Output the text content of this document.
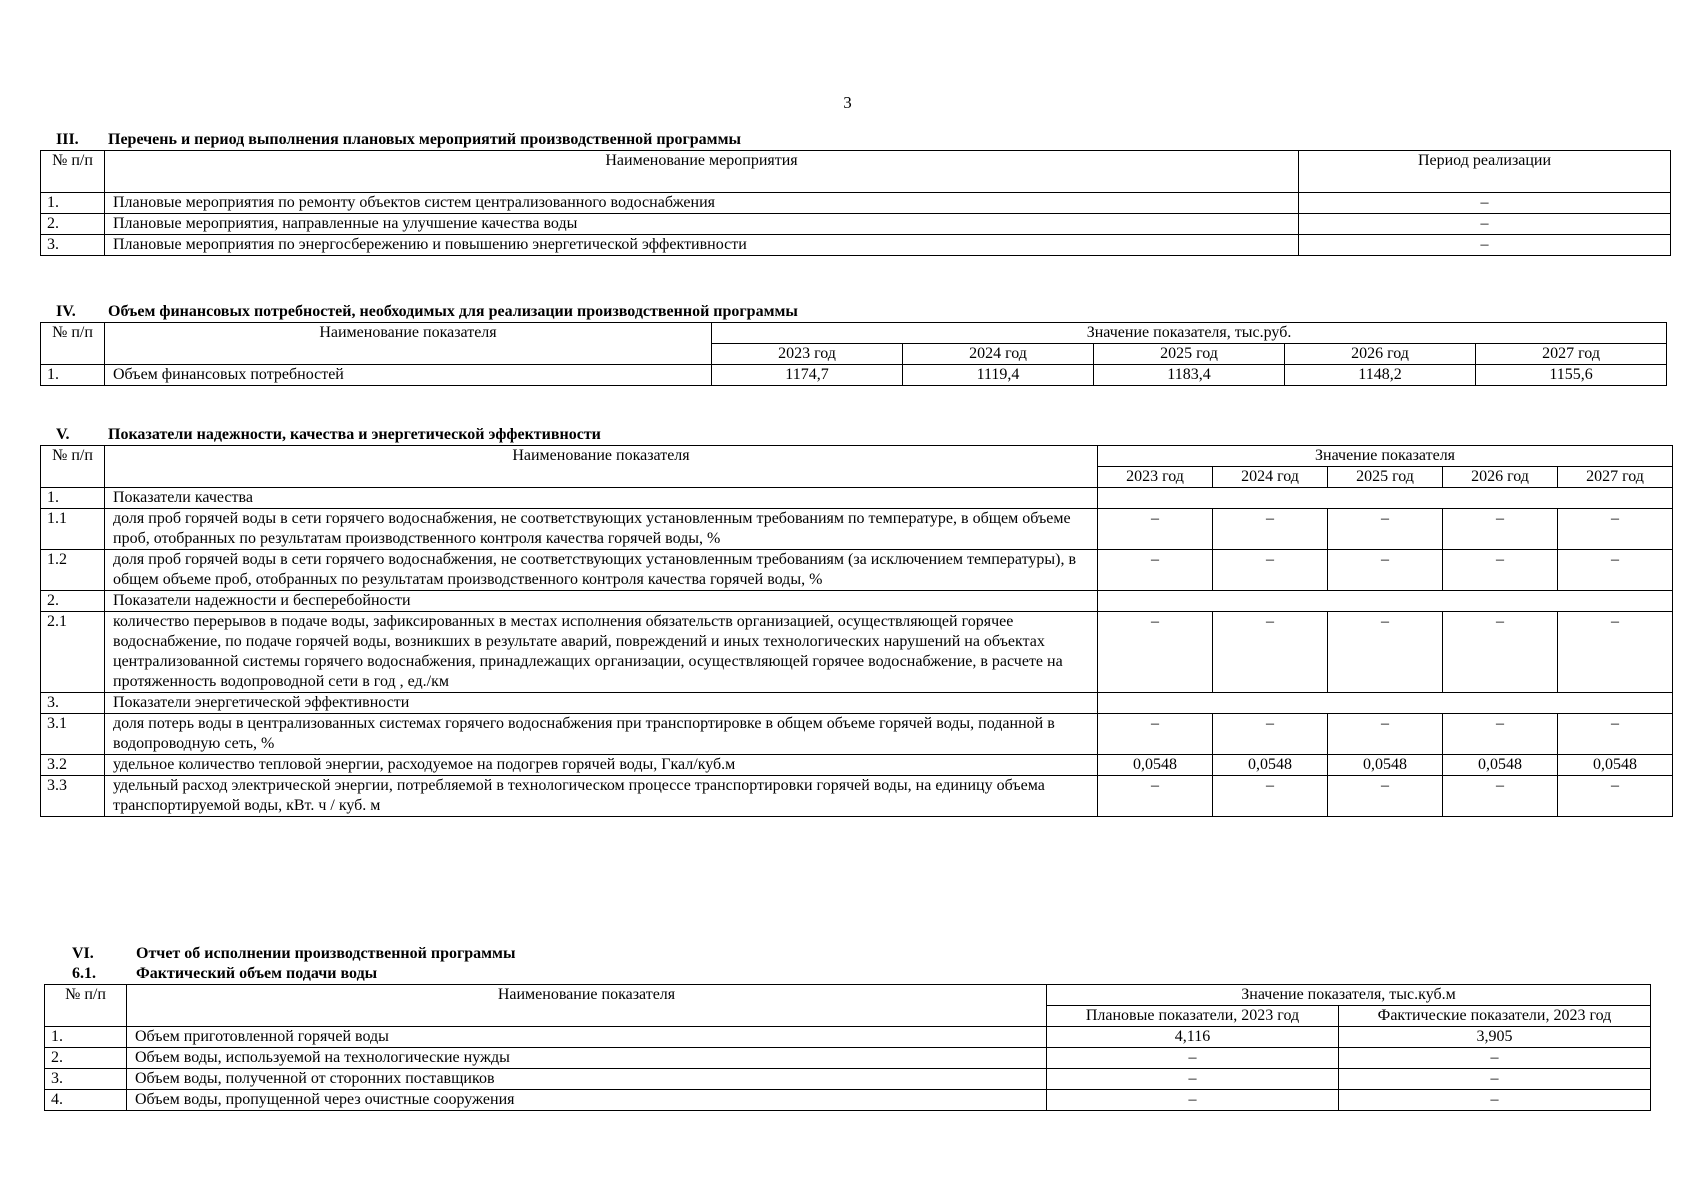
3
III.	Перечень и период выполнения плановых мероприятий производственной программы
№ п/п	Наименование мероприятия	Период реализации
1.	Плановые мероприятия по ремонту объектов систем централизованного водоснабжения	–
2.	Плановые мероприятия, направленные на улучшение качества воды	–
3.	Плановые мероприятия по энергосбережению и повышению энергетической эффективности	–
IV.	Объем финансовых потребностей, необходимых для реализации производственной программы
№ п/п	Наименование показателя	Значение показателя, тыс.руб.				
		2023 год	2024 год	2025 год	2026 год	2027 год
1.	Объем финансовых потребностей	1174,7	1119,4	1183,4	1148,2	1155,6
V.	Показатели надежности, качества и энергетической эффективности
№ п/п	Наименование показателя	Значение показателя				
		2023 год	2024 год	2025 год	2026 год	2027 год
1.	Показатели качества					
1.1	доля проб горячей воды в сети горячего водоснабжения, не соответствующих установленным требованиям по температуре, в общем объеме проб, отобранных по результатам производственного контроля качества горячей воды, %	–	–	–	–	–
1.2	доля проб горячей воды в сети горячего водоснабжения, не соответствующих установленным требованиям (за исключением температуры), в общем объеме проб, отобранных по результатам производственного контроля качества горячей воды, %	–	–	–	–	–
2.	Показатели надежности и бесперебойности					
2.1	количество перерывов в подаче воды, зафиксированных в местах исполнения обязательств организацией, осуществляющей горячее водоснабжение, по подаче горячей воды, возникших в результате аварий, повреждений и иных технологических нарушений на объектах централизованной системы горячего водоснабжения, принадлежащих организации, осуществляющей горячее водоснабжение, в расчете на протяженность водопроводной сети в год , ед./км	–	–	–	–	–
3.	Показатели энергетической эффективности					
3.1	доля потерь воды в централизованных системах горячего водоснабжения при транспортировке в общем объеме горячей воды, поданной в водопроводную сеть, %	–	–	–	–	–
3.2	удельное количество тепловой энергии, расходуемое на подогрев горячей воды, Гкал/куб.м	0,0548	0,0548	0,0548	0,0548	0,0548
3.3	удельный расход электрической энергии, потребляемой в технологическом процессе транспортировки горячей воды, на единицу объема транспортируемой воды, кВт. ч / куб. м	–	–	–	–	–
VI.	Отчет об исполнении производственной программы
6.1.	Фактический объем подачи воды
№ п/п	Наименование показателя	Значение показателя, тыс.куб.м	
		Плановые показатели, 2023 год	Фактические показатели, 2023 год
1.	Объем приготовленной горячей воды	4,116	3,905
2.	Объем воды, используемой на технологические нужды	–	–
3.	Объем воды, полученной от сторонних поставщиков	–	–
4.	Объем воды, пропущенной через очистные сооружения	–	–
